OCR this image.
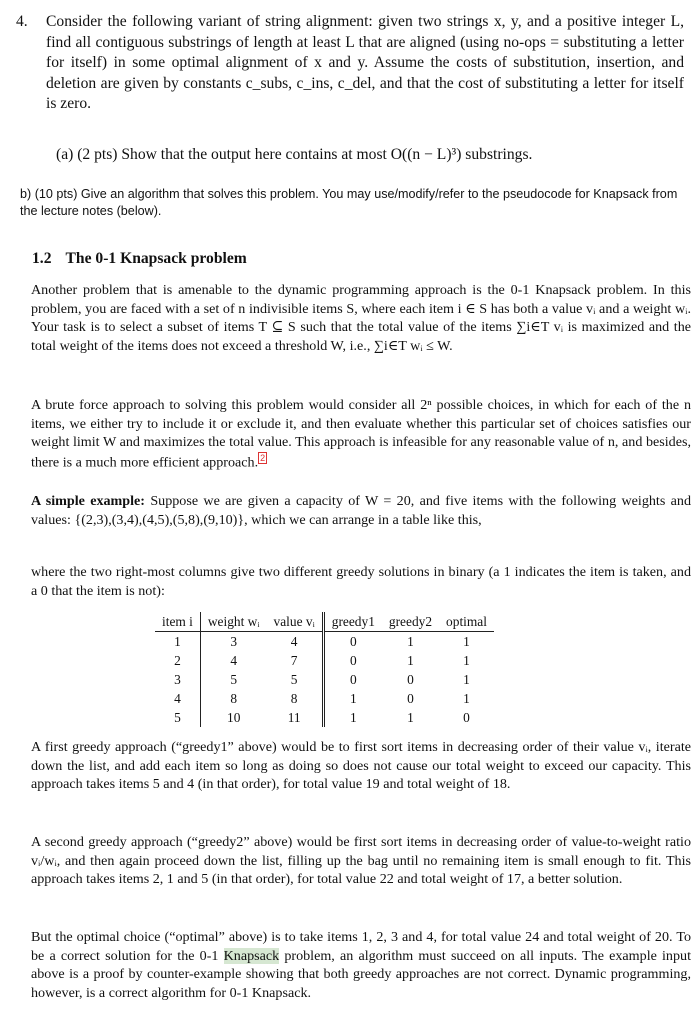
4. Consider the following variant of string alignment: given two strings x, y, and a positive integer L, find all contiguous substrings of length at least L that are aligned (using no-ops = substituting a letter for itself) in some optimal alignment of x and y. Assume the costs of substitution, insertion, and deletion are given by constants c_subs, c_ins, c_del, and that the cost of substituting a letter for itself is zero.
(a) (2 pts) Show that the output here contains at most O((n − L)³) substrings.
b) (10 pts) Give an algorithm that solves this problem. You may use/modify/refer to the pseudocode for Knapsack from the lecture notes (below).
1.2 The 0-1 Knapsack problem
Another problem that is amenable to the dynamic programming approach is the 0-1 Knapsack problem. In this problem, you are faced with a set of n indivisible items S, where each item i ∈ S has both a value vᵢ and a weight wᵢ. Your task is to select a subset of items T ⊆ S such that the total value of the items ∑i∈T vᵢ is maximized and the total weight of the items does not exceed a threshold W, i.e., ∑i∈T wᵢ ≤ W.
A brute force approach to solving this problem would consider all 2ⁿ possible choices, in which for each of the n items, we either try to include it or exclude it, and then evaluate whether this particular set of choices satisfies our weight limit W and maximizes the total value. This approach is infeasible for any reasonable value of n, and besides, there is a much more efficient approach. 2
A simple example: Suppose we are given a capacity of W = 20, and five items with the following weights and values: {(2,3),(3,4),(4,5),(5,8),(9,10)}, which we can arrange in a table like this,
where the two right-most columns give two different greedy solutions in binary (a 1 indicates the item is taken, and a 0 that the item is not):
item i	weight wᵢ	value vᵢ	greedy1	greedy2	optimal
1	3	4	0	1	1
2	4	7	0	1	1
3	5	5	0	0	1
4	8	8	1	0	1
5	10	11	1	1	0
A first greedy approach (“greedy1” above) would be to first sort items in decreasing order of their value vᵢ, iterate down the list, and add each item so long as doing so does not cause our total weight to exceed our capacity. This approach takes items 5 and 4 (in that order), for total value 19 and total weight of 18.
A second greedy approach (“greedy2” above) would be first sort items in decreasing order of value-to-weight ratio vᵢ/wᵢ, and then again proceed down the list, filling up the bag until no remaining item is small enough to fit. This approach takes items 2, 1 and 5 (in that order), for total value 22 and total weight of 17, a better solution.
But the optimal choice (“optimal” above) is to take items 1, 2, 3 and 4, for total value 24 and total weight of 20. To be a correct solution for the 0-1 Knapsack problem, an algorithm must succeed on all inputs. The example input above is a proof by counter-example showing that both greedy approaches are not correct. Dynamic programming, however, is a correct algorithm for 0-1 Knapsack.
